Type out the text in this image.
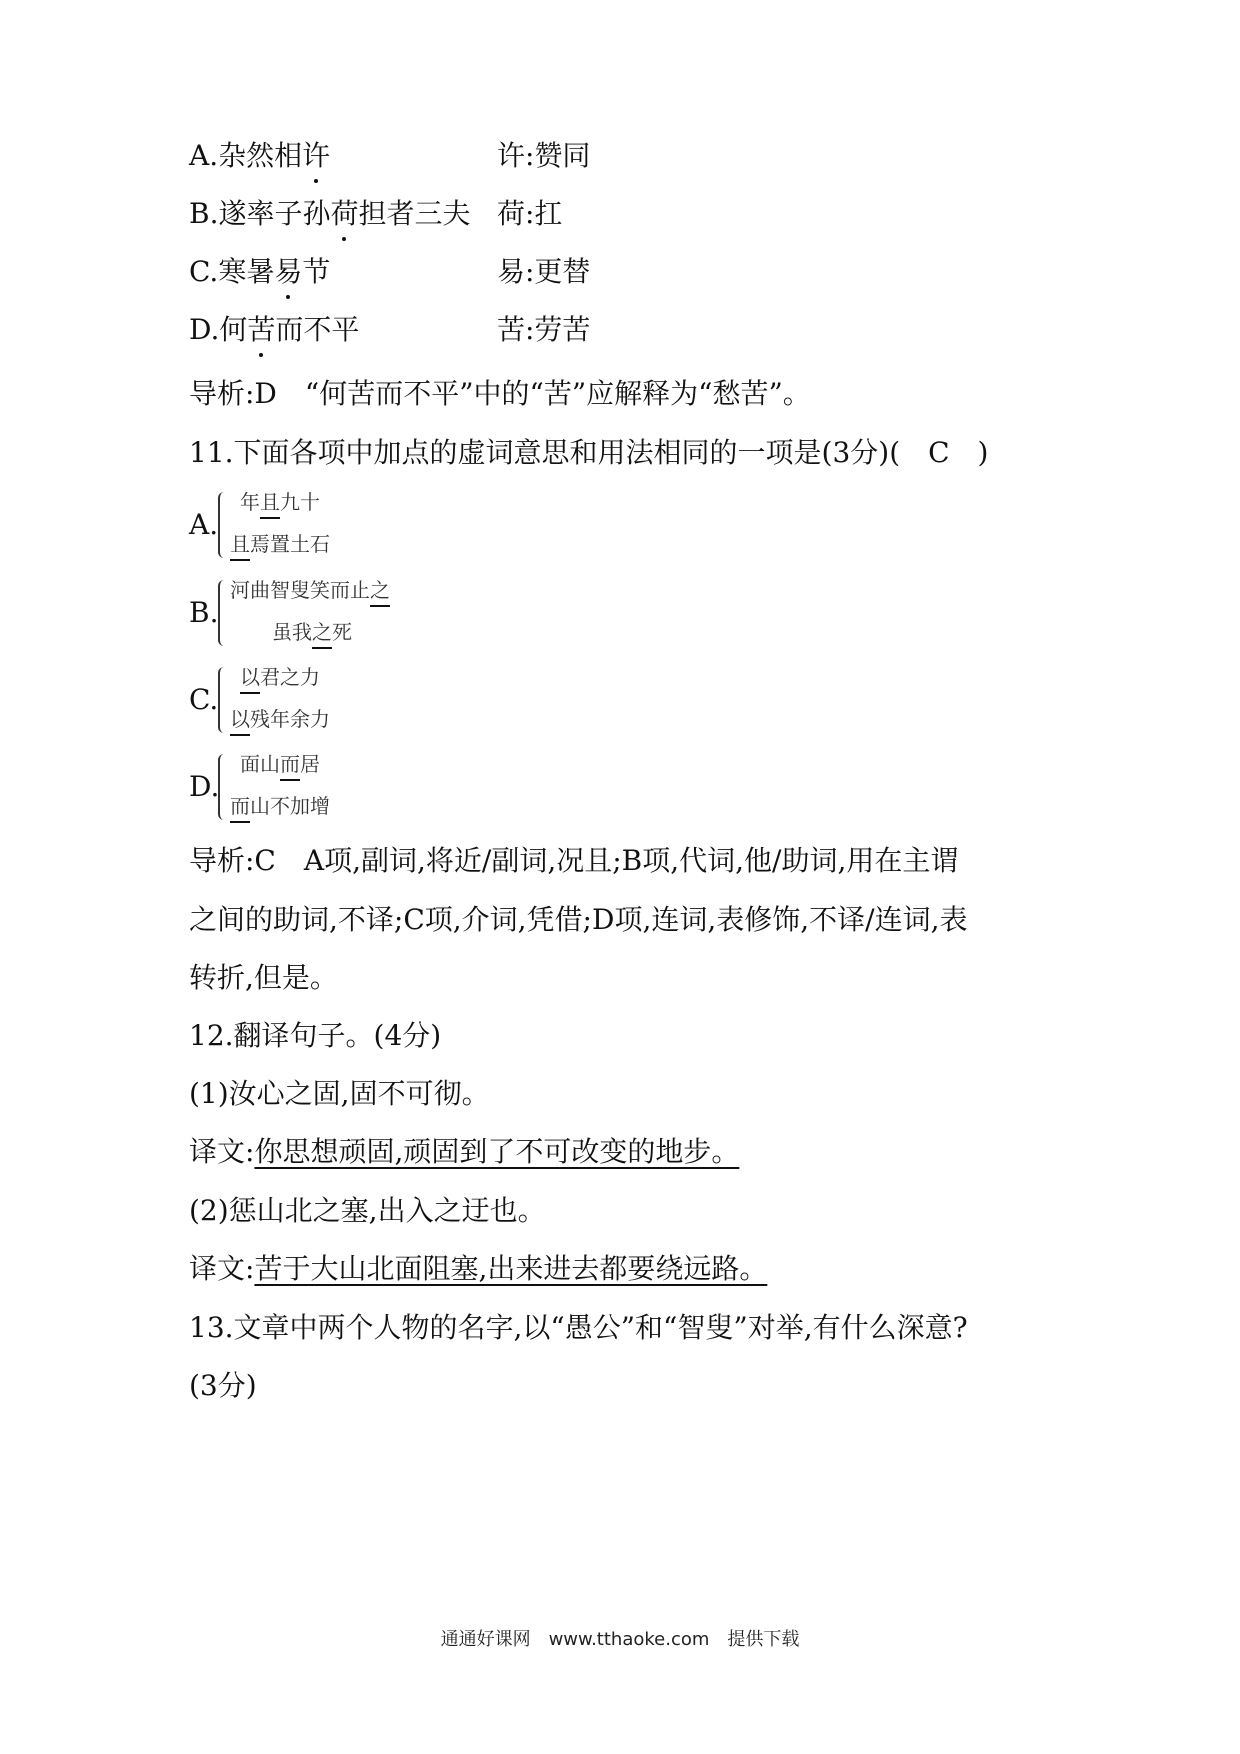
A.杂然相许	许:赞同
B.遂率子孙荷担者三夫 荷:扛
C.寒暑易节	易:更替
D.何苦而不平	苦:劳苦
导析:D　“何苦而不平”中的“苦”应解释为“愁苦”。
11.下面各项中加点的虚词意思和用法相同的一项是(3分)(　C　)
A.
年且九十
且焉置土石
B.
河曲智叟笑而止之
虽我之死
C.
以君之力
以残年余力
D.
面山而居
而山不加增
导析:C　A项,副词,将近/副词,况且;B项,代词,他/助词,用在主谓
之间的助词,不译;C项,介词,凭借;D项,连词,表修饰,不译/连词,表
转折,但是。
12.翻译句子。(4分)
(1)汝心之固,固不可彻。
译文:你思想顽固,顽固到了不可改变的地步。
(2)惩山北之塞,出入之迂也。
译文:苦于大山北面阻塞,出来进去都要绕远路。
13.文章中两个人物的名字,以“愚公”和“智叟”对举,有什么深意?
(3分)
通通好课网　www.tthaoke.com　提供下载
